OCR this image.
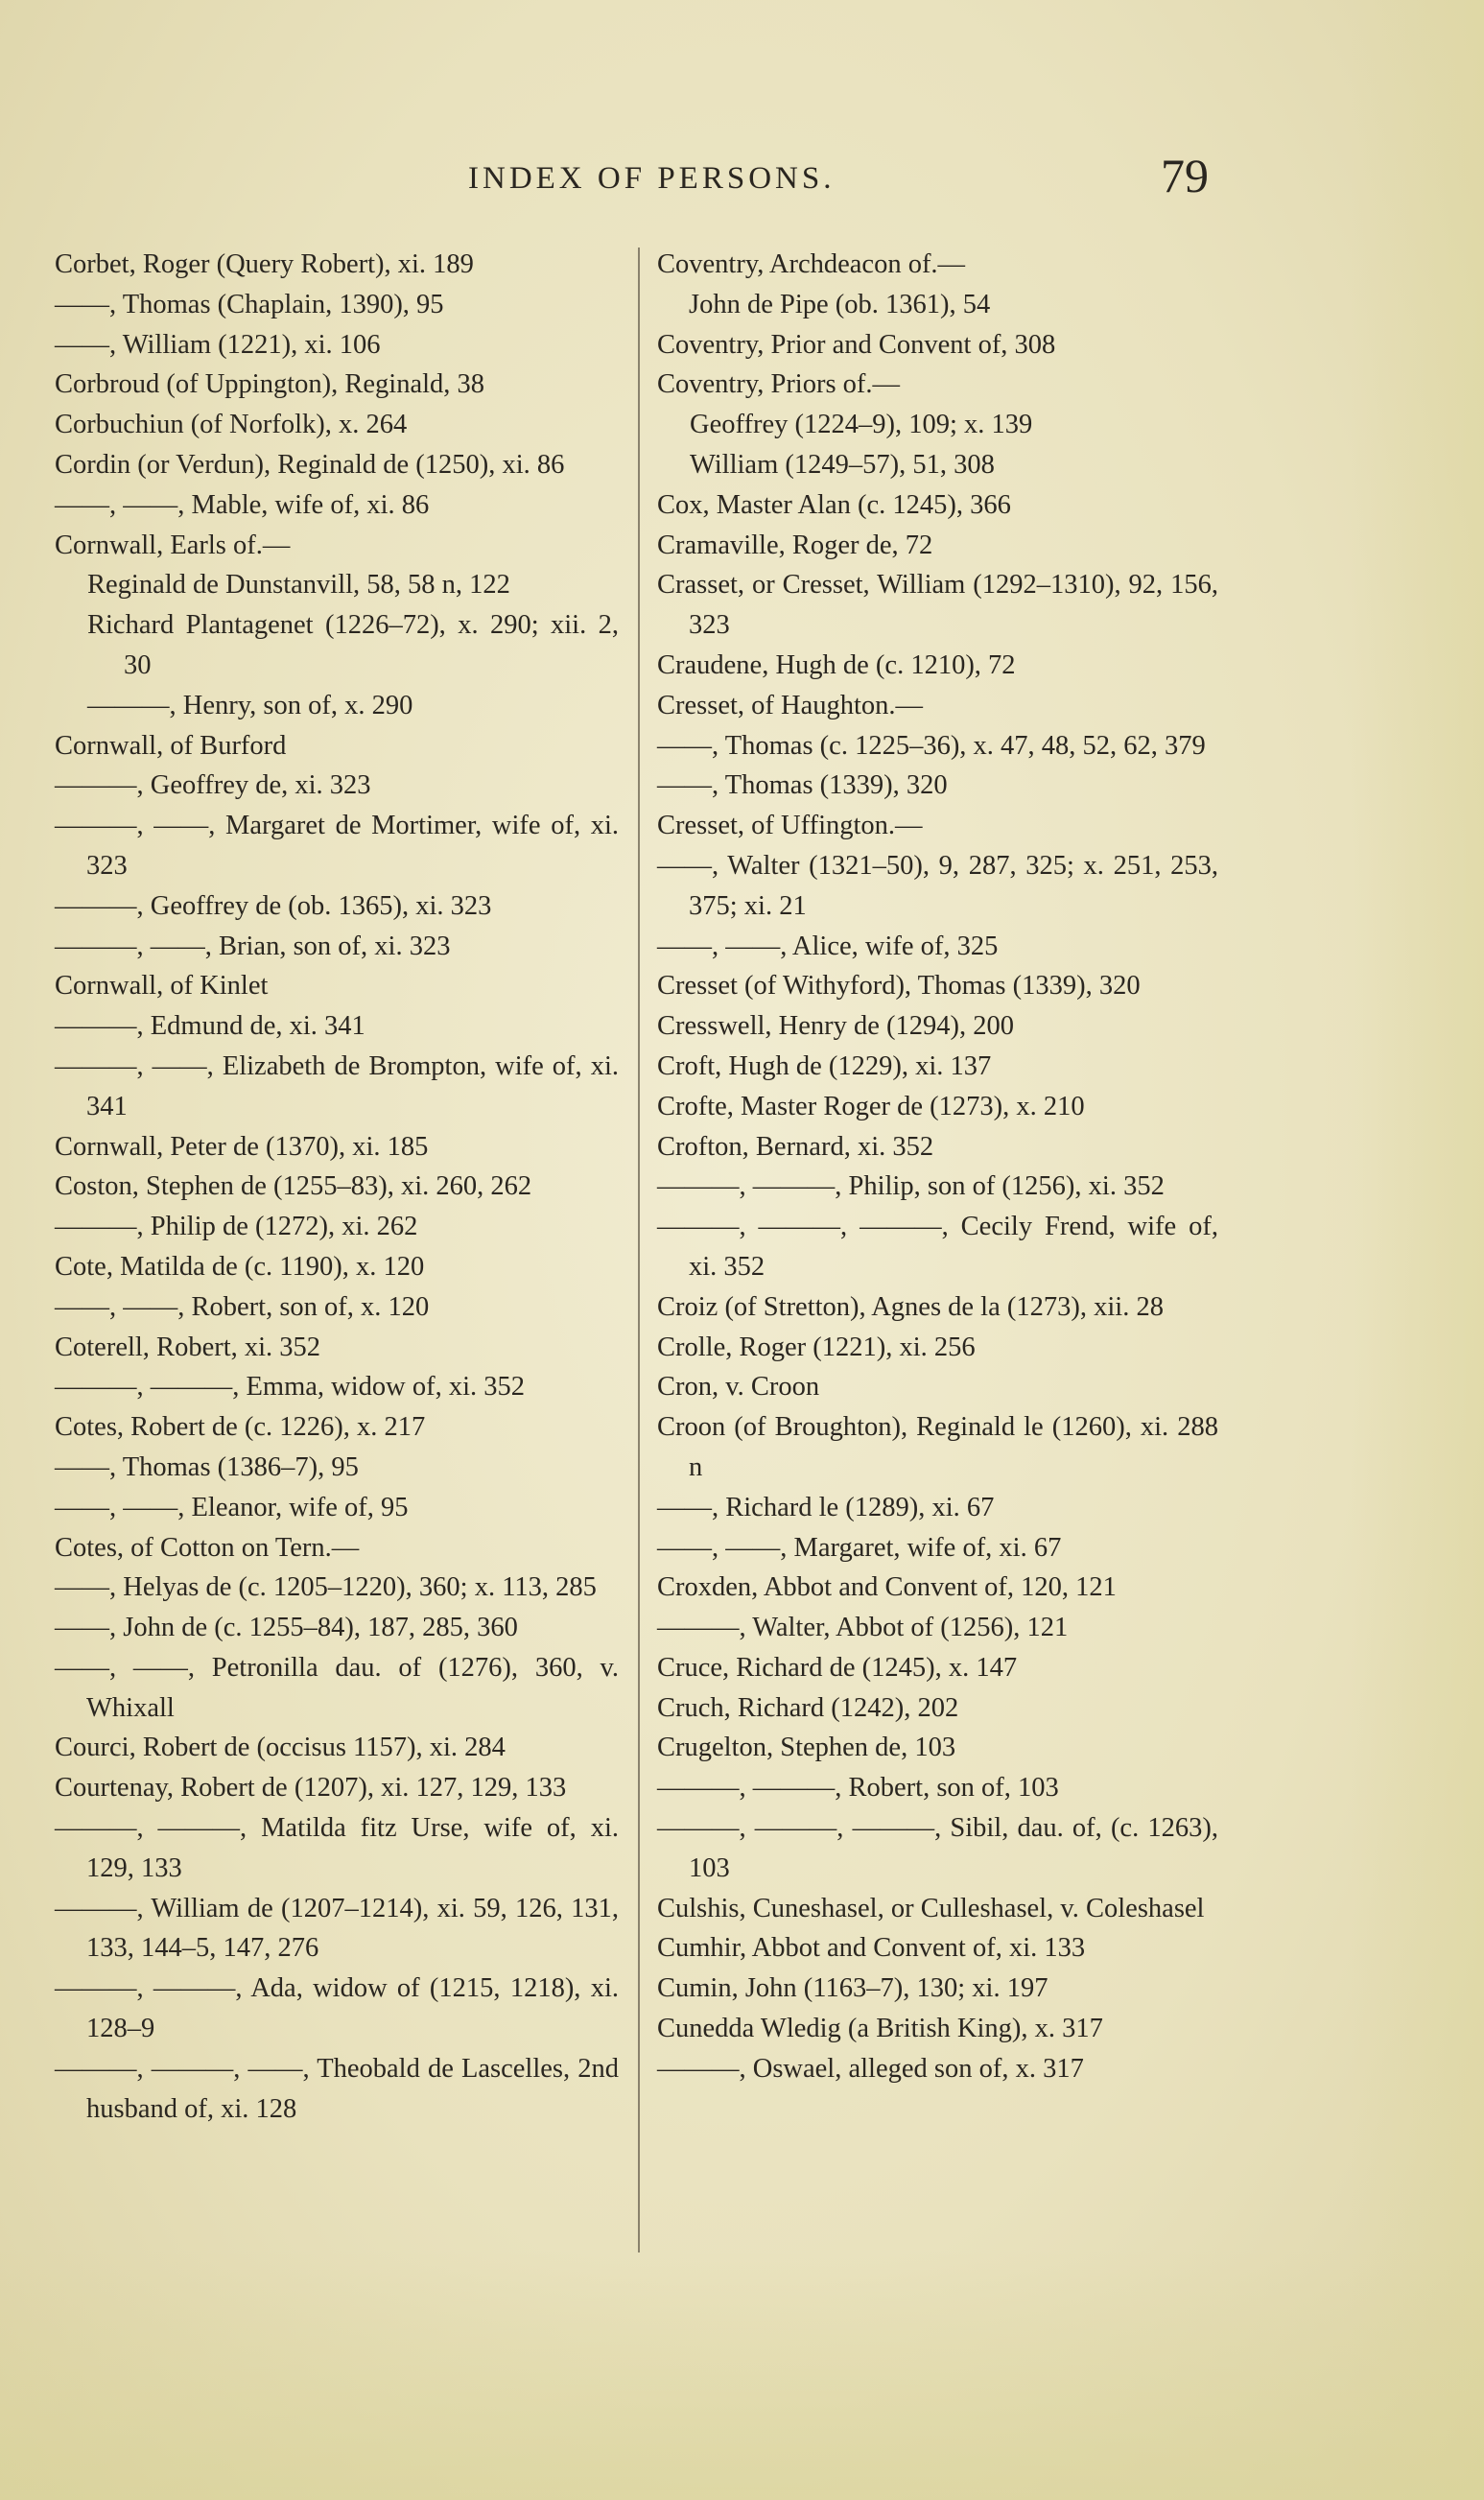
INDEX OF PERSONS.	79
Corbet, Roger (Query Robert), xi. 189
——, Thomas (Chaplain, 1390), 95
——, William (1221), xi. 106
Corbroud (of Uppington), Reginald, 38
Corbuchiun (of Norfolk), x. 264
Cordin (or Verdun), Reginald de (1250), xi. 86
——, ——, Mable, wife of, xi. 86
Cornwall, Earls of.—
Reginald de Dunstanvill, 58, 58 n, 122
Richard Plantagenet (1226–72), x. 290; xii. 2, 30
———, Henry, son of, x. 290
Cornwall, of Burford
———, Geoffrey de, xi. 323
———, ——, Margaret de Mortimer, wife of, xi. 323
———, Geoffrey de (ob. 1365), xi. 323
———, ——, Brian, son of, xi. 323
Cornwall, of Kinlet
———, Edmund de, xi. 341
———, ——, Elizabeth de Brompton, wife of, xi. 341
Cornwall, Peter de (1370), xi. 185
Coston, Stephen de (1255–83), xi. 260, 262
———, Philip de (1272), xi. 262
Cote, Matilda de (c. 1190), x. 120
——, ——, Robert, son of, x. 120
Coterell, Robert, xi. 352
———, ———, Emma, widow of, xi. 352
Cotes, Robert de (c. 1226), x. 217
——, Thomas (1386–7), 95
——, ——, Eleanor, wife of, 95
Cotes, of Cotton on Tern.—
——, Helyas de (c. 1205–1220), 360; x. 113, 285
——, John de (c. 1255–84), 187, 285, 360
——, ——, Petronilla dau. of (1276), 360, v. Whixall
Courci, Robert de (occisus 1157), xi. 284
Courtenay, Robert de (1207), xi. 127, 129, 133
———, ———, Matilda fitz Urse, wife of, xi. 129, 133
———, William de (1207–1214), xi. 59, 126, 131, 133, 144–5, 147, 276
———, ———, Ada, widow of (1215, 1218), xi. 128–9
———, ———, ——, Theobald de Lascelles, 2nd husband of, xi. 128
Coventry, Archdeacon of.—
John de Pipe (ob. 1361), 54
Coventry, Prior and Convent of, 308
Coventry, Priors of.—
Geoffrey (1224–9), 109; x. 139
William (1249–57), 51, 308
Cox, Master Alan (c. 1245), 366
Cramaville, Roger de, 72
Crasset, or Cresset, William (1292–1310), 92, 156, 323
Craudene, Hugh de (c. 1210), 72
Cresset, of Haughton.—
——, Thomas (c. 1225–36), x. 47, 48, 52, 62, 379
——, Thomas (1339), 320
Cresset, of Uffington.—
——, Walter (1321–50), 9, 287, 325; x. 251, 253, 375; xi. 21
——, ——, Alice, wife of, 325
Cresset (of Withyford), Thomas (1339), 320
Cresswell, Henry de (1294), 200
Croft, Hugh de (1229), xi. 137
Crofte, Master Roger de (1273), x. 210
Crofton, Bernard, xi. 352
———, ———, Philip, son of (1256), xi. 352
———, ———, ———, Cecily Frend, wife of, xi. 352
Croiz (of Stretton), Agnes de la (1273), xii. 28
Crolle, Roger (1221), xi. 256
Cron, v. Croon
Croon (of Broughton), Reginald le (1260), xi. 288 n
——, Richard le (1289), xi. 67
——, ——, Margaret, wife of, xi. 67
Croxden, Abbot and Convent of, 120, 121
———, Walter, Abbot of (1256), 121
Cruce, Richard de (1245), x. 147
Cruch, Richard (1242), 202
Crugelton, Stephen de, 103
———, ———, Robert, son of, 103
———, ———, ———, Sibil, dau. of, (c. 1263), 103
Culshis, Cuneshasel, or Culleshasel, v. Coleshasel
Cumhir, Abbot and Convent of, xi. 133
Cumin, John (1163–7), 130; xi. 197
Cunedda Wledig (a British King), x. 317
———, Oswael, alleged son of, x. 317
